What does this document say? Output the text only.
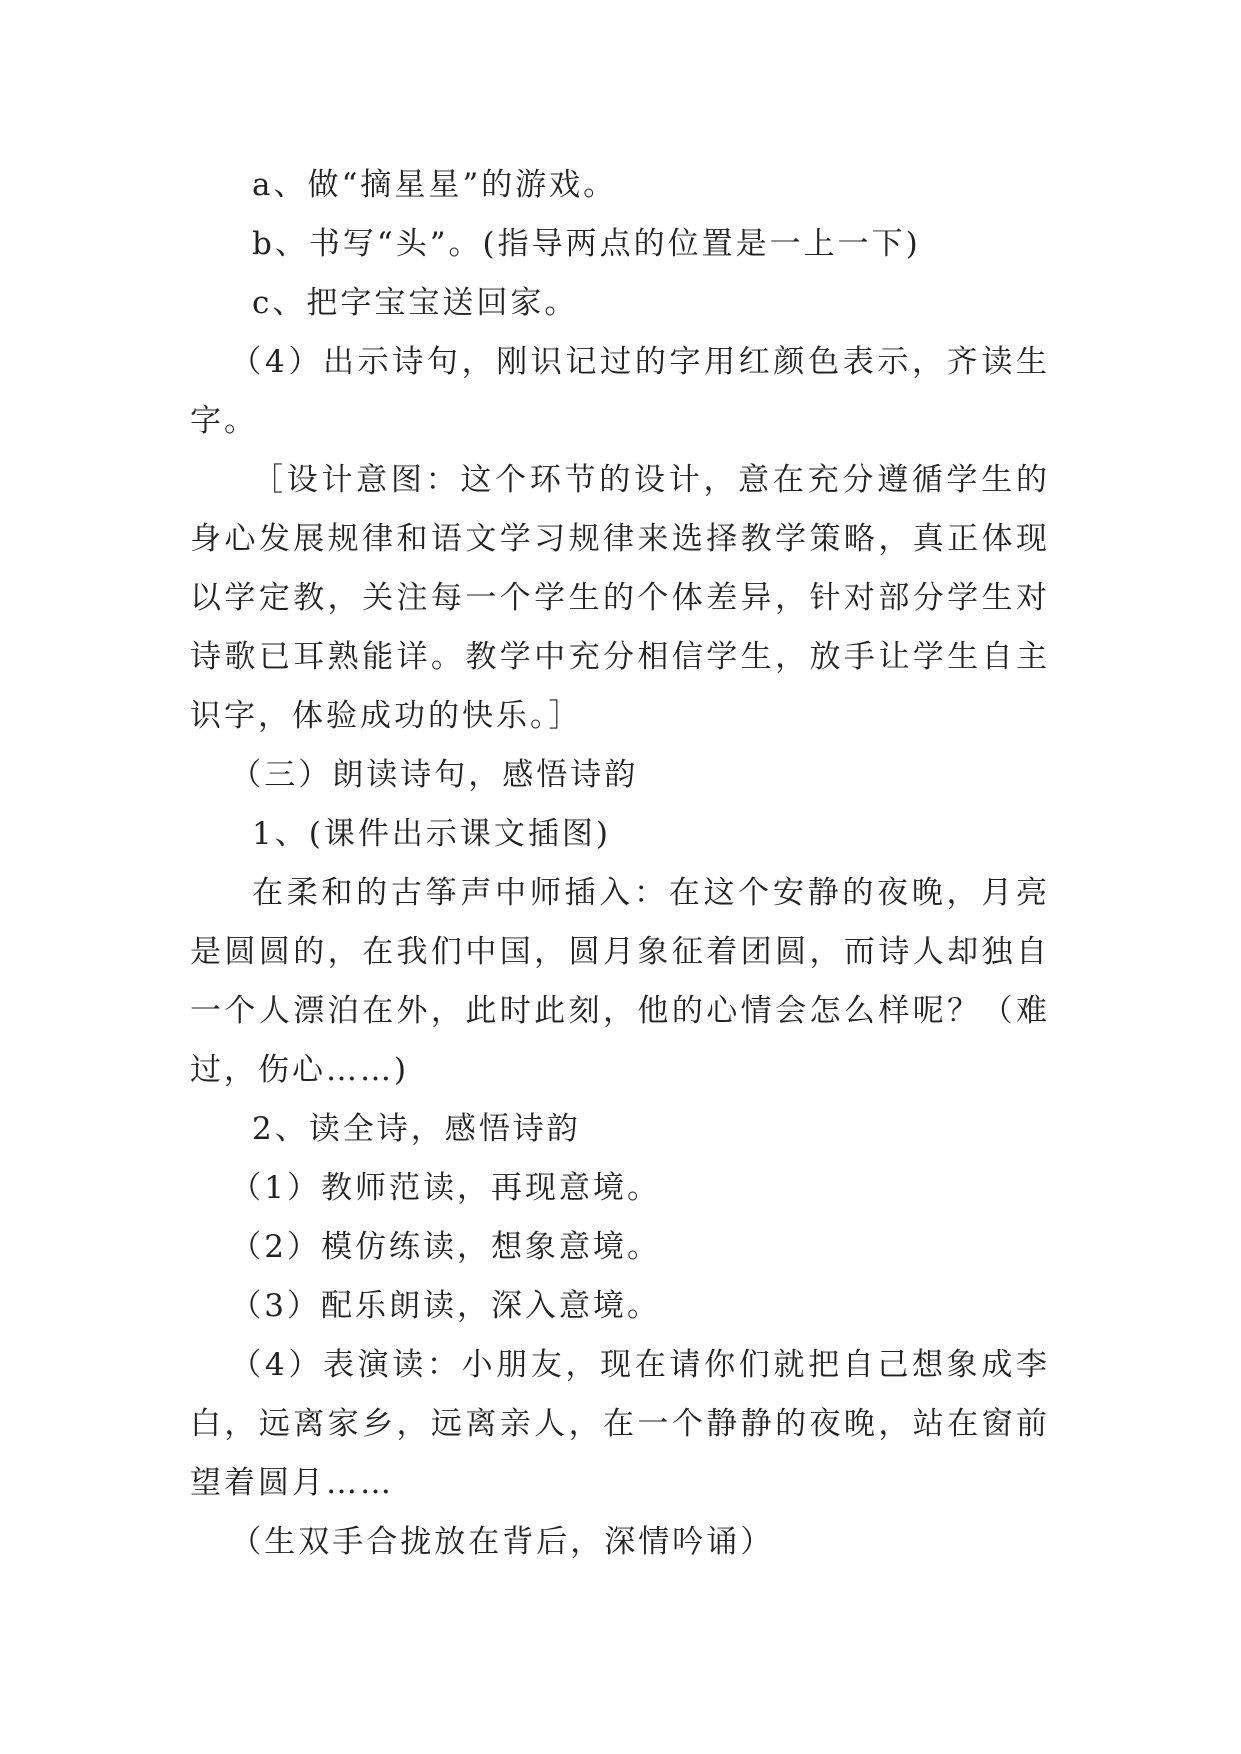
a、做“摘星星”的游戏。

b、书写“头”。(指导两点的位置是一上一下)

c、把字宝宝送回家。

（4）出示诗句，刚识记过的字用红颜色表示，齐读生字。

［设计意图：这个环节的设计，意在充分遵循学生的身心发展规律和语文学习规律来选择教学策略，真正体现以学定教，关注每一个学生的个体差异，针对部分学生对诗歌已耳熟能详。教学中充分相信学生，放手让学生自主识字，体验成功的快乐。］

（三）朗读诗句，感悟诗韵

1、(课件出示课文插图)

在柔和的古筝声中师插入：在这个安静的夜晚，月亮是圆圆的，在我们中国，圆月象征着团圆，而诗人却独自一个人漂泊在外，此时此刻，他的心情会怎么样呢？（难过，伤心……)

2、读全诗，感悟诗韵

（1）教师范读，再现意境。

（2）模仿练读，想象意境。

（3）配乐朗读，深入意境。

（4）表演读：小朋友，现在请你们就把自己想象成李白，远离家乡，远离亲人，在一个静静的夜晚，站在窗前望着圆月……

（生双手合拢放在背后，深情吟诵）
